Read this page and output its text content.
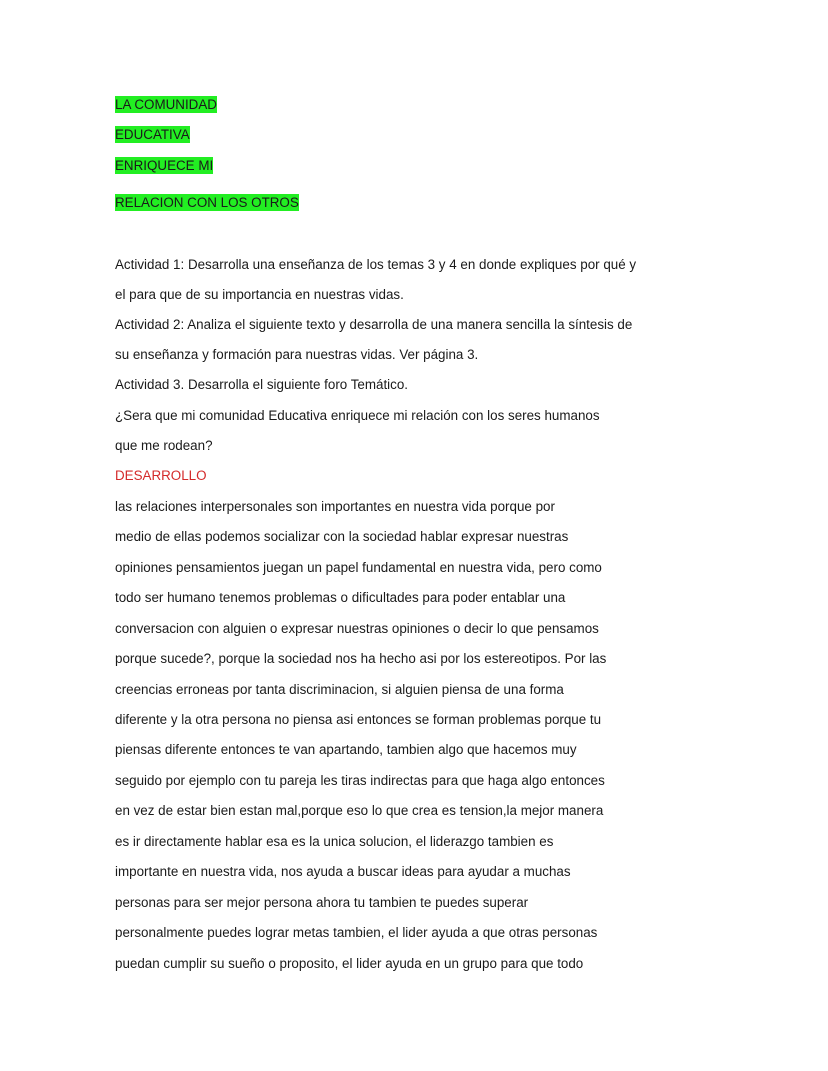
LA COMUNIDAD
EDUCATIVA
ENRIQUECE MI
RELACION CON LOS OTROS
Actividad 1: Desarrolla una enseñanza de los temas 3 y 4 en donde expliques por qué y
el para que de su importancia en nuestras vidas.
Actividad 2: Analiza el siguiente texto y desarrolla de una manera sencilla la síntesis de
su enseñanza y formación para nuestras vidas. Ver página 3.
Actividad 3. Desarrolla el siguiente foro Temático.
¿Sera que mi comunidad Educativa enriquece mi relación con los seres humanos
que me rodean?
DESARROLLO
las relaciones interpersonales son importantes en nuestra vida porque por
medio de ellas podemos socializar con la sociedad hablar expresar nuestras
opiniones pensamientos juegan un papel fundamental en nuestra vida, pero como
todo ser humano tenemos problemas o dificultades para poder entablar una
conversacion con alguien o expresar nuestras opiniones o decir lo que pensamos
porque sucede?, porque la sociedad nos ha hecho asi por los estereotipos. Por las
creencias erroneas por tanta discriminacion, si alguien piensa de una forma
diferente y la otra persona no piensa asi entonces se forman problemas porque tu
piensas diferente entonces te van apartando, tambien algo que hacemos muy
seguido por ejemplo con tu pareja les tiras indirectas para que haga algo entonces
en vez de estar bien estan mal,porque eso lo que crea es tension,la mejor manera
es ir directamente hablar esa es la unica solucion, el liderazgo tambien es
importante en nuestra vida, nos ayuda a buscar ideas para ayudar a muchas
personas para ser mejor persona ahora tu tambien te puedes superar
personalmente puedes lograr metas tambien, el lider ayuda a que otras personas
puedan cumplir su sueño o proposito, el lider ayuda en un grupo para que todo
